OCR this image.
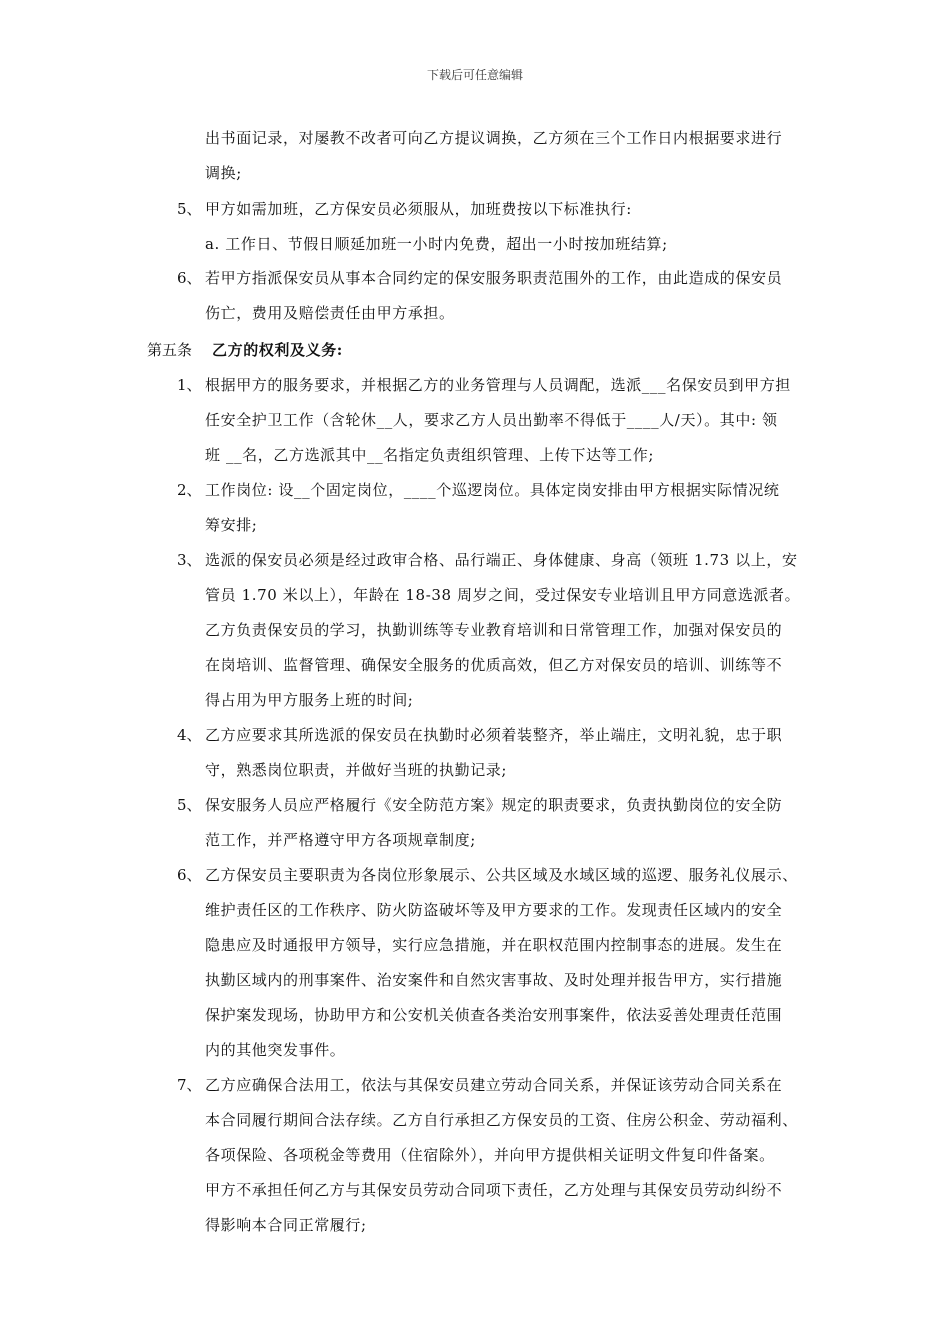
下载后可任意编辑
出书面记录，对屡教不改者可向乙方提议调换，乙方须在三个工作日内根据要求进行
调换;
5、 甲方如需加班，乙方保安员必须服从，加班费按以下标准执行:
a. 工作日、节假日顺延加班一小时内免费，超出一小时按加班结算;
6、 若甲方指派保安员从事本合同约定的保安服务职责范围外的工作，由此造成的保安员
伤亡，费用及赔偿责任由甲方承担。
第五条 乙方的权利及义务:
1、 根据甲方的服务要求，并根据乙方的业务管理与人员调配，选派___名保安员到甲方担
任安全护卫工作（含轮休__人，要求乙方人员出勤率不得低于____人/天）。其中: 领
班 __名，乙方选派其中__名指定负责组织管理、上传下达等工作;
2、 工作岗位: 设__个固定岗位，____个巡逻岗位。具体定岗安排由甲方根据实际情况统
筹安排;
3、 选派的保安员必须是经过政审合格、品行端正、身体健康、身高（领班 1.73 以上，安
管员 1.70 米以上），年龄在 18-38 周岁之间，受过保安专业培训且甲方同意选派者。
乙方负责保安员的学习，执勤训练等专业教育培训和日常管理工作，加强对保安员的
在岗培训、监督管理、确保安全服务的优质高效，但乙方对保安员的培训、训练等不
得占用为甲方服务上班的时间;
4、 乙方应要求其所选派的保安员在执勤时必须着装整齐，举止端庄，文明礼貌，忠于职
守，熟悉岗位职责，并做好当班的执勤记录;
5、 保安服务人员应严格履行《安全防范方案》规定的职责要求，负责执勤岗位的安全防
范工作，并严格遵守甲方各项规章制度;
6、 乙方保安员主要职责为各岗位形象展示、公共区域及水域区域的巡逻、服务礼仪展示、
维护责任区的工作秩序、防火防盗破坏等及甲方要求的工作。发现责任区域内的安全
隐患应及时通报甲方领导，实行应急措施，并在职权范围内控制事态的进展。发生在
执勤区域内的刑事案件、治安案件和自然灾害事故、及时处理并报告甲方，实行措施
保护案发现场，协助甲方和公安机关侦查各类治安刑事案件，依法妥善处理责任范围
内的其他突发事件。
7、 乙方应确保合法用工，依法与其保安员建立劳动合同关系，并保证该劳动合同关系在
本合同履行期间合法存续。乙方自行承担乙方保安员的工资、住房公积金、劳动福利、
各项保险、各项税金等费用（住宿除外），并向甲方提供相关证明文件复印件备案。
甲方不承担任何乙方与其保安员劳动合同项下责任，乙方处理与其保安员劳动纠纷不
得影响本合同正常履行;
